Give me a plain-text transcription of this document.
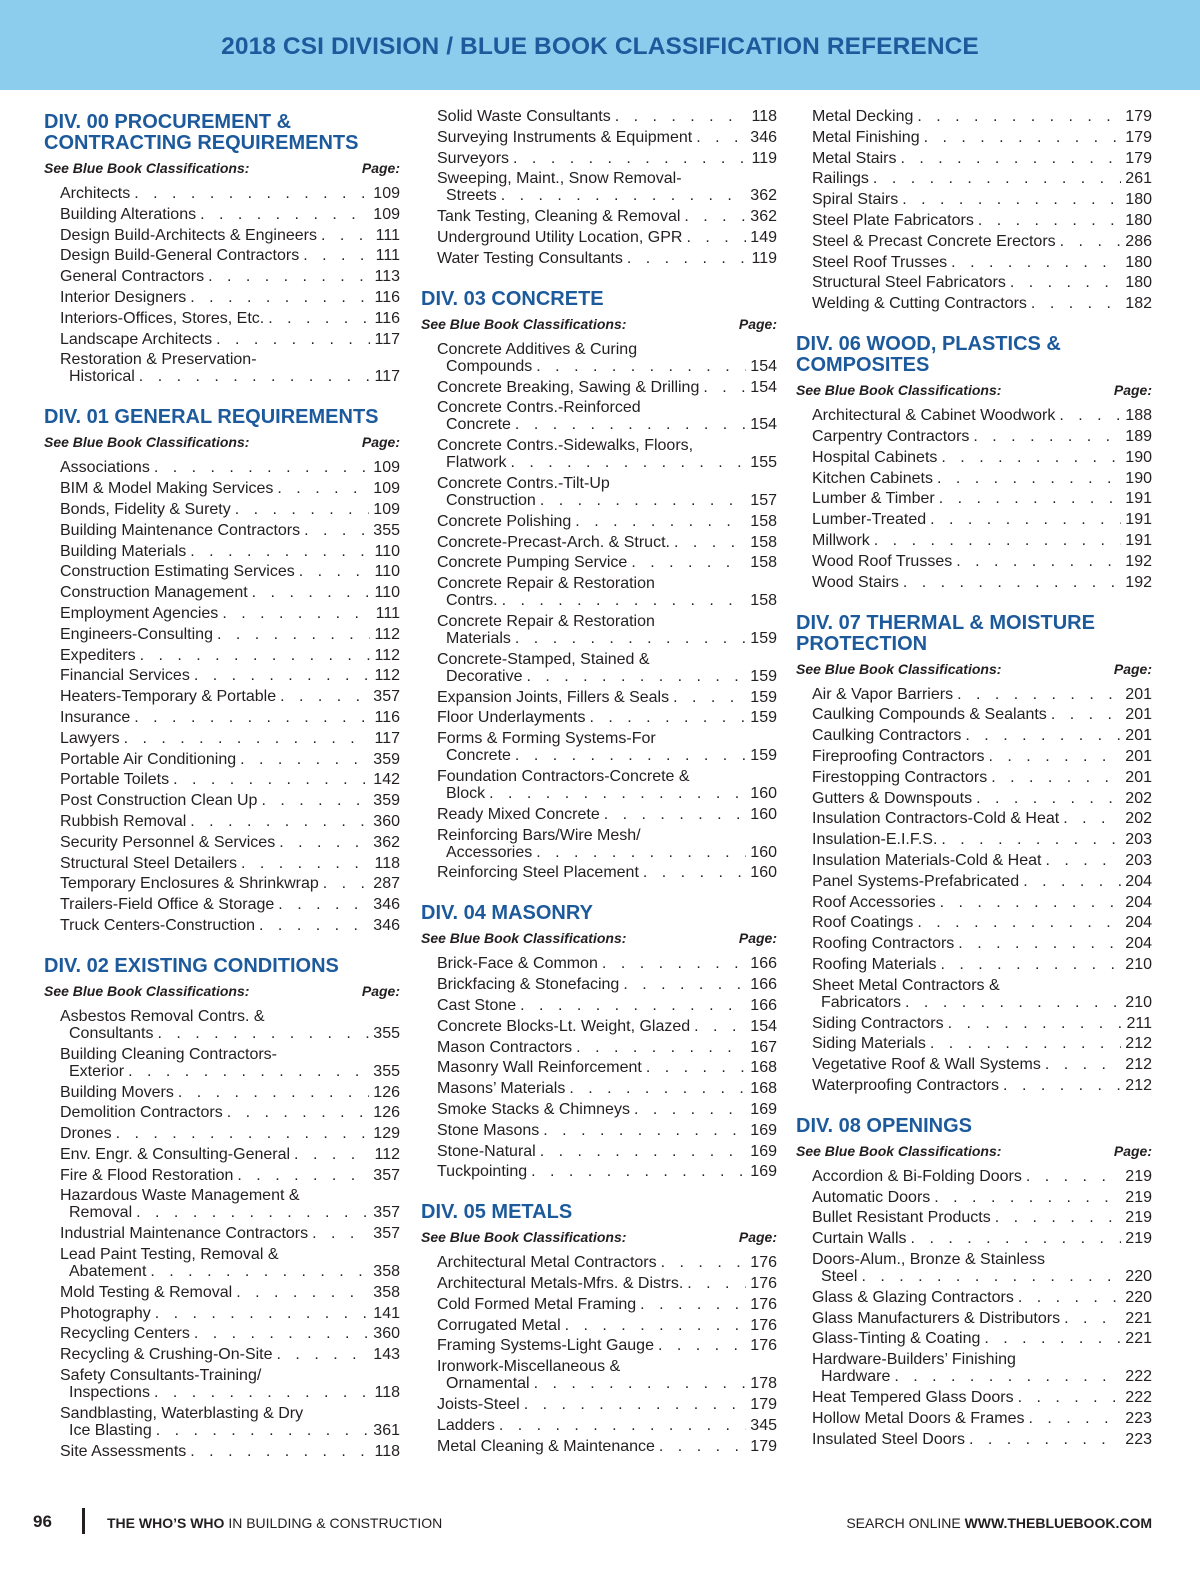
2018 CSI DIVISION / BLUE BOOK CLASSIFICATION REFERENCE
DIV. 00 PROCUREMENT & CONTRACTING REQUIREMENTS
See Blue Book Classifications:	Page:
Architects . . .	109
Building Alterations . . .	109
Design Build-Architects & Engineers . . .	111
Design Build-General Contractors . . .	111
General Contractors . . .	113
Interior Designers . . .	116
Interiors-Offices, Stores, Etc. . . .	116
Landscape Architects . . .	117
Restoration & Preservation-
Historical . . .	117
DIV. 01 GENERAL REQUIREMENTS
See Blue Book Classifications:	Page:
Associations . . .	109
BIM & Model Making Services . . .	109
Bonds, Fidelity & Surety . . .	109
Building Maintenance Contractors . . .	355
Building Materials . . .	110
Construction Estimating Services . . .	110
Construction Management . . .	110
Employment Agencies . . .	111
Engineers-Consulting . . .	112
Expediters . . .	112
Financial Services . . .	112
Heaters-Temporary & Portable . . .	357
Insurance . . .	116
Lawyers . . .	117
Portable Air Conditioning . . .	359
Portable Toilets . . .	142
Post Construction Clean Up . . .	359
Rubbish Removal . . .	360
Security Personnel & Services . . .	362
Structural Steel Detailers . . .	118
Temporary Enclosures & Shrinkwrap . . .	287
Trailers-Field Office & Storage . . .	346
Truck Centers-Construction . . .	346
DIV. 02 EXISTING CONDITIONS
See Blue Book Classifications:	Page:
Asbestos Removal Contrs. &
Consultants . . .	355
Building Cleaning Contractors-
Exterior . . .	355
Building Movers . . .	126
Demolition Contractors . . .	126
Drones . . .	129
Env. Engr. & Consulting-General . . .	112
Fire & Flood Restoration . . .	357
Hazardous Waste Management &
Removal . . .	357
Industrial Maintenance Contractors . . .	357
Lead Paint Testing, Removal &
Abatement . . .	358
Mold Testing & Removal . . .	358
Photography . . .	141
Recycling Centers . . .	360
Recycling & Crushing-On-Site . . .	143
Safety Consultants-Training/
Inspections . . .	118
Sandblasting, Waterblasting & Dry
Ice Blasting . . .	361
Site Assessments . . .	118
Solid Waste Consultants . . .	118
Surveying Instruments & Equipment . . .	346
Surveyors . . .	119
Sweeping, Maint., Snow Removal-
Streets . . .	362
Tank Testing, Cleaning & Removal . . .	362
Underground Utility Location, GPR . . .	149
Water Testing Consultants . . .	119
DIV. 03 CONCRETE
See Blue Book Classifications:	Page:
Concrete Additives & Curing
Compounds . . .	154
Concrete Breaking, Sawing & Drilling . . .	154
Concrete Contrs.-Reinforced
Concrete . . .	154
Concrete Contrs.-Sidewalks, Floors,
Flatwork . . .	155
Concrete Contrs.-Tilt-Up
Construction . . .	157
Concrete Polishing . . .	158
Concrete-Precast-Arch. & Struct. . . .	158
Concrete Pumping Service . . .	158
Concrete Repair & Restoration
Contrs. . . .	158
Concrete Repair & Restoration
Materials . . .	159
Concrete-Stamped, Stained &
Decorative . . .	159
Expansion Joints, Fillers & Seals . . .	159
Floor Underlayments . . .	159
Forms & Forming Systems-For
Concrete . . .	159
Foundation Contractors-Concrete &
Block . . .	160
Ready Mixed Concrete . . .	160
Reinforcing Bars/Wire Mesh/
Accessories . . .	160
Reinforcing Steel Placement . . .	160
DIV. 04 MASONRY
See Blue Book Classifications:	Page:
Brick-Face & Common . . .	166
Brickfacing & Stonefacing . . .	166
Cast Stone . . .	166
Concrete Blocks-Lt. Weight, Glazed . . .	154
Mason Contractors . . .	167
Masonry Wall Reinforcement . . .	168
Masons’ Materials . . .	168
Smoke Stacks & Chimneys . . .	169
Stone Masons . . .	169
Stone-Natural . . .	169
Tuckpointing . . .	169
DIV. 05 METALS
See Blue Book Classifications:	Page:
Architectural Metal Contractors . . .	176
Architectural Metals-Mfrs. & Distrs. . . .	176
Cold Formed Metal Framing . . .	176
Corrugated Metal . . .	176
Framing Systems-Light Gauge . . .	176
Ironwork-Miscellaneous &
Ornamental . . .	178
Joists-Steel . . .	179
Ladders . . .	345
Metal Cleaning & Maintenance . . .	179
Metal Decking . . .	179
Metal Finishing . . .	179
Metal Stairs . . .	179
Railings . . .	261
Spiral Stairs . . .	180
Steel Plate Fabricators . . .	180
Steel & Precast Concrete Erectors . . .	286
Steel Roof Trusses . . .	180
Structural Steel Fabricators . . .	180
Welding & Cutting Contractors . . .	182
DIV. 06 WOOD, PLASTICS & COMPOSITES
See Blue Book Classifications:	Page:
Architectural & Cabinet Woodwork . . .	188
Carpentry Contractors . . .	189
Hospital Cabinets . . .	190
Kitchen Cabinets . . .	190
Lumber & Timber . . .	191
Lumber-Treated . . .	191
Millwork . . .	191
Wood Roof Trusses . . .	192
Wood Stairs . . .	192
DIV. 07 THERMAL & MOISTURE PROTECTION
See Blue Book Classifications:	Page:
Air & Vapor Barriers . . .	201
Caulking Compounds & Sealants . . .	201
Caulking Contractors . . .	201
Fireproofing Contractors . . .	201
Firestopping Contractors . . .	201
Gutters & Downspouts . . .	202
Insulation Contractors-Cold & Heat . . .	202
Insulation-E.I.F.S. . . .	203
Insulation Materials-Cold & Heat . . .	203
Panel Systems-Prefabricated . . .	204
Roof Accessories . . .	204
Roof Coatings . . .	204
Roofing Contractors . . .	204
Roofing Materials . . .	210
Sheet Metal Contractors &
Fabricators . . .	210
Siding Contractors . . .	211
Siding Materials . . .	212
Vegetative Roof & Wall Systems . . .	212
Waterproofing Contractors . . .	212
DIV. 08 OPENINGS
See Blue Book Classifications:	Page:
Accordion & Bi-Folding Doors . . .	219
Automatic Doors . . .	219
Bullet Resistant Products . . .	219
Curtain Walls . . .	219
Doors-Alum., Bronze & Stainless
Steel . . .	220
Glass & Glazing Contractors . . .	220
Glass Manufacturers & Distributors . . .	221
Glass-Tinting & Coating . . .	221
Hardware-Builders’ Finishing
Hardware . . .	222
Heat Tempered Glass Doors . . .	222
Hollow Metal Doors & Frames . . .	223
Insulated Steel Doors . . .	223
96	THE WHO’S WHO IN BUILDING & CONSTRUCTION	SEARCH ONLINE WWW.THEBLUEBOOK.COM
